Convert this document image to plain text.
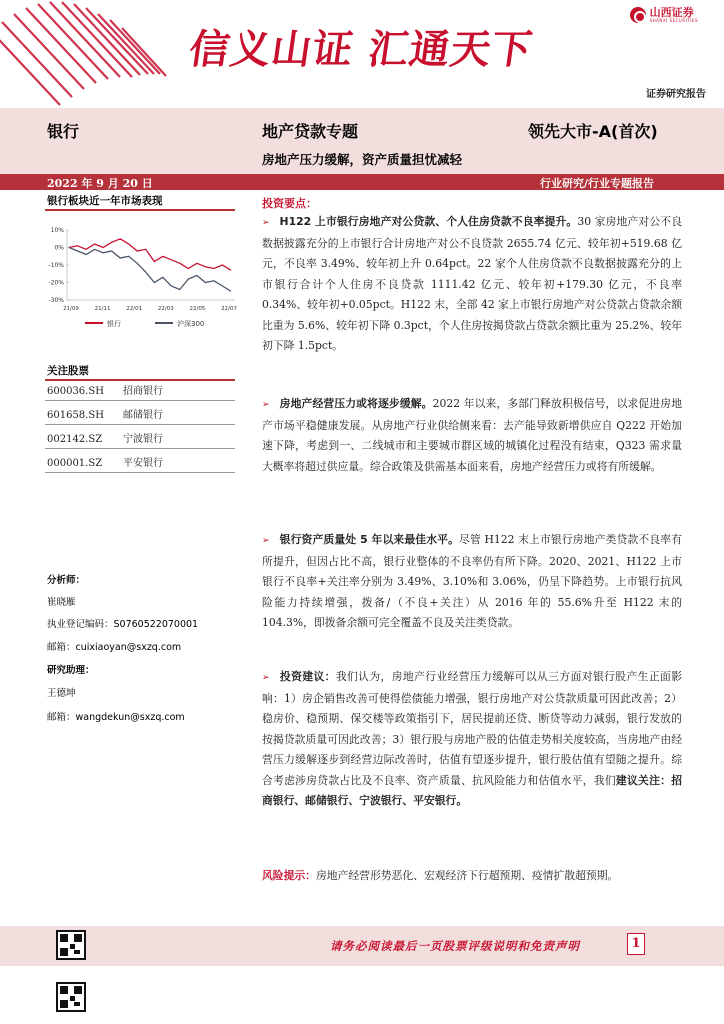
信义山证 汇通天下
山西证券
SHANXI SECURITIES
证券研究报告
银行	地产贷款专题	领先大市-A(首次)
房地产压力缓解，资产质量担忧减轻
2022 年 9 月 20 日	行业研究/行业专题报告
银行板块近一年市场表现
10%
0%
-10%
-20%
-30%
21/09	21/11	22/01	22/03	22/05	22/07
银行	沪深300
关注股票
600036.SH	招商银行
601658.SH	邮储银行
002142.SZ	宁波银行
000001.SZ	平安银行
分析师：
崔晓雁
执业登记编码：S0760522070001
邮箱：cuixiaoyan@sxzq.com
研究助理：
王德坤
邮箱：wangdekun@sxzq.com
投资要点：
➢ H122 上市银行房地产对公贷款、个人住房贷款不良率提升。30 家房地产对公不良数据披露充分的上市银行合计房地产对公不良贷款 2655.74 亿元、较年初+519.68 亿元，不良率 3.49%、较年初上升 0.64pct。22 家个人住房贷款不良数据披露充分的上市银行合计个人住房不良贷款 1111.42 亿元、较年初+179.30 亿元，不良率 0.34%、较年初+0.05pct。H122 末，全部 42 家上市银行房地产对公贷款占贷款余额比重为 5.6%、较年初下降 0.3pct，个人住房按揭贷款占贷款余额比重为 25.2%、较年初下降 1.5pct。
➢ 房地产经营压力或将逐步缓解。2022 年以来，多部门释放积极信号，以求促进房地产市场平稳健康发展。从房地产行业供给侧来看：去产能导致新增供应自 Q222 开始加速下降，考虑到一、二线城市和主要城市群区域的城镇化过程没有结束，Q323 需求量大概率将超过供应量。综合政策及供需基本面来看，房地产经营压力或将有所缓解。
➢ 银行资产质量处 5 年以来最佳水平。尽管 H122 末上市银行房地产类贷款不良率有所提升，但因占比不高，银行业整体的不良率仍有所下降。2020、2021、H122 上市银行不良率+关注率分别为 3.49%、3.10%和 3.06%，仍呈下降趋势。上市银行抗风险能力持续增强，拨备/（不良+关注）从 2016 年的 55.6%升至 H122 末的 104.3%，即拨备余额可完全覆盖不良及关注类贷款。
➢ 投资建议：我们认为，房地产行业经营压力缓解可以从三方面对银行股产生正面影响：1）房企销售改善可使得偿债能力增强，银行房地产对公贷款质量可因此改善；2）稳房价、稳预期、保交楼等政策指引下，居民提前还贷、断贷等动力减弱，银行发放的按揭贷款质量可因此改善；3）银行股与房地产股的估值走势相关度较高，当房地产由经营压力缓解逐步到经营边际改善时，估值有望逐步提升，银行股估值有望随之提升。综合考虑涉房贷款占比及不良率、资产质量、抗风险能力和估值水平，我们建议关注：招商银行、邮储银行、宁波银行、平安银行。
风险提示：房地产经营形势恶化、宏观经济下行超预期、疫情扩散超预期。
请务必阅读最后一页股票评级说明和免责声明	1
